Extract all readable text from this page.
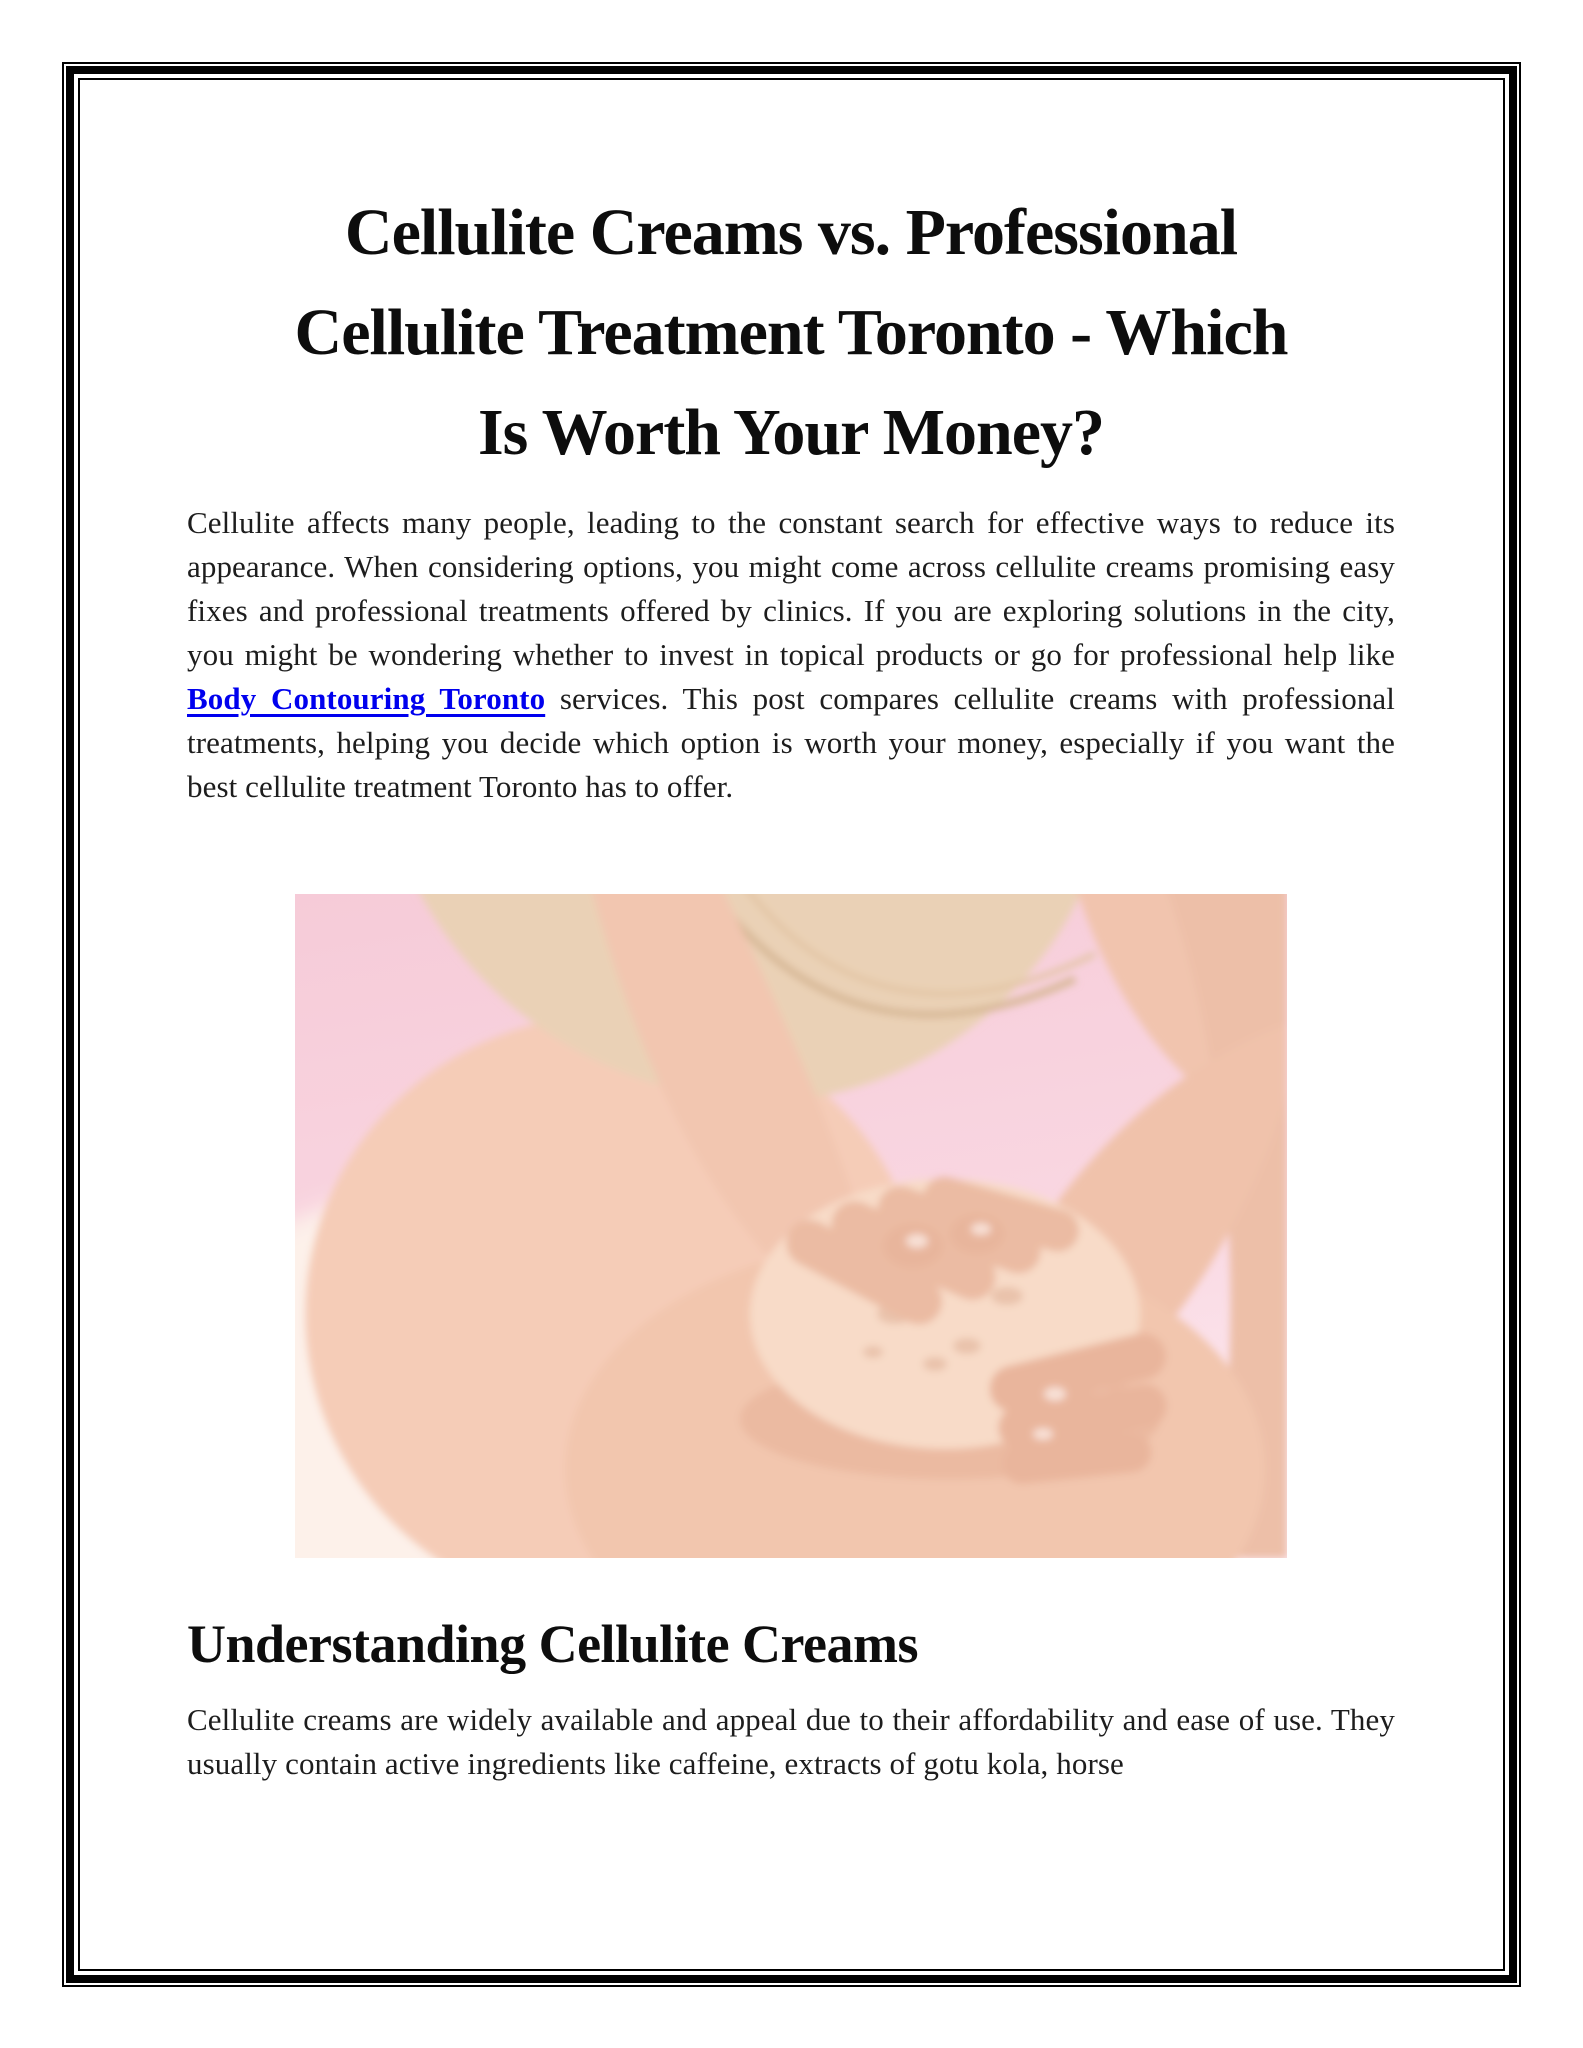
Cellulite Creams vs. Professional
Cellulite Treatment Toronto - Which
Is Worth Your Money?

Cellulite affects many people, leading to the constant search for effective ways to reduce its appearance. When considering options, you might come across cellulite creams promising easy fixes and professional treatments offered by clinics. If you are exploring solutions in the city, you might be wondering whether to invest in topical products or go for professional help like Body Contouring Toronto services. This post compares cellulite creams with professional treatments, helping you decide which option is worth your money, especially if you want the best cellulite treatment Toronto has to offer.

Understanding Cellulite Creams

Cellulite creams are widely available and appeal due to their affordability and ease of use. They usually contain active ingredients like caffeine, extracts of gotu kola, horse
